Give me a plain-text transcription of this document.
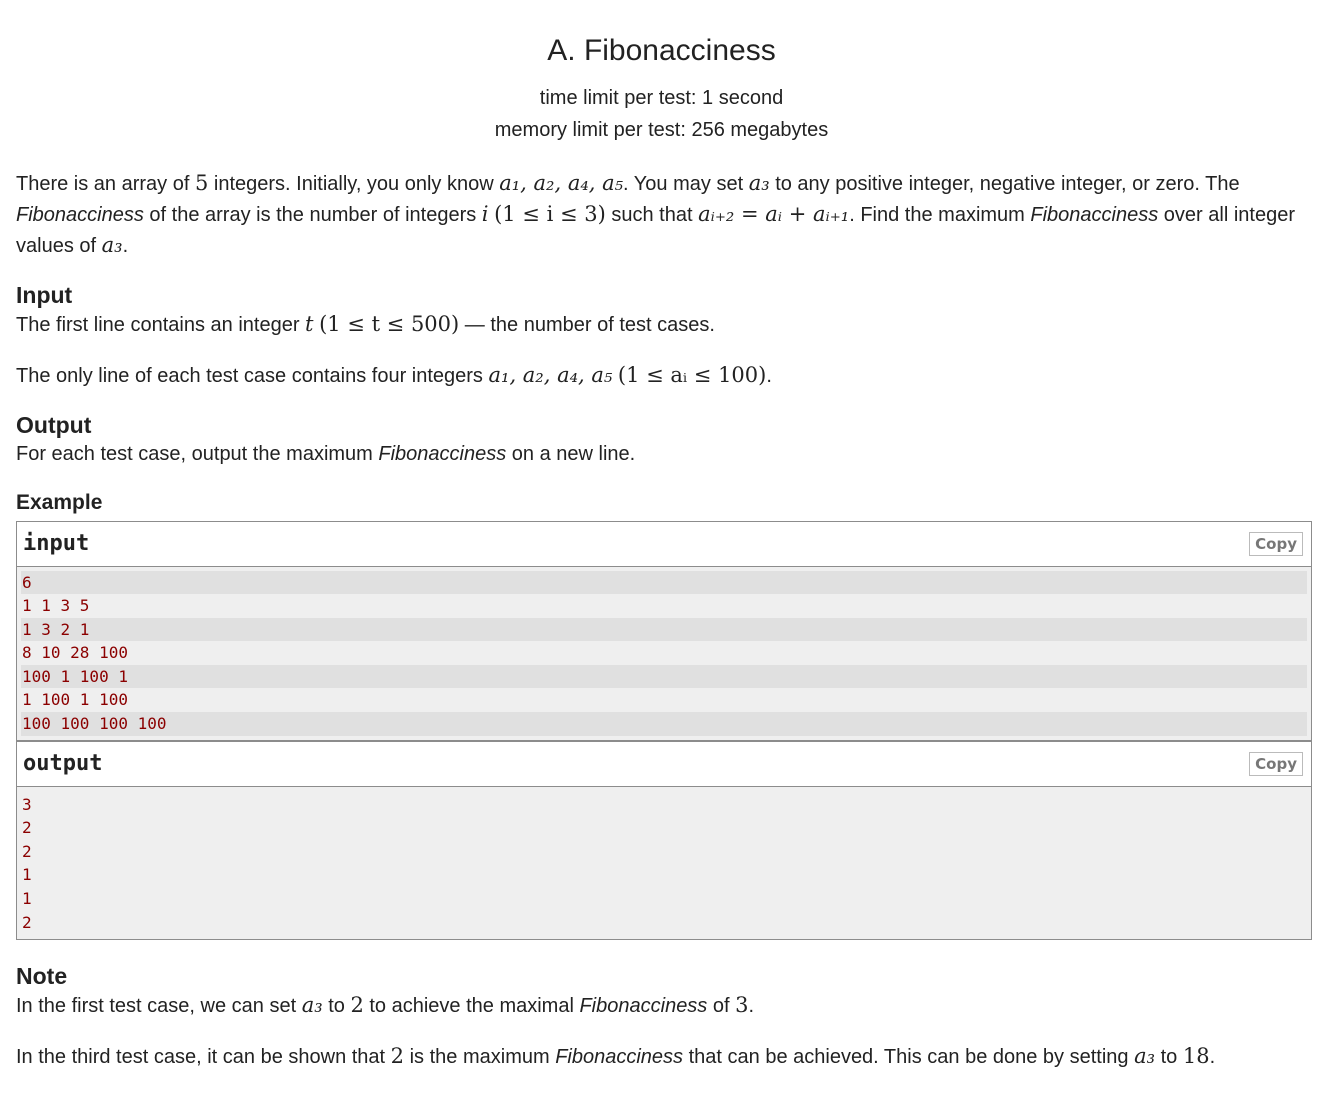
A. Fibonacciness
time limit per test: 1 second
memory limit per test: 256 megabytes

There is an array of 5 integers. Initially, you only know a₁, a₂, a₄, a₅. You may set a₃ to any positive integer, negative integer, or zero. The Fibonacciness of the array is the number of integers i (1 ≤ i ≤ 3) such that aᵢ₊₂ = aᵢ + aᵢ₊₁. Find the maximum Fibonacciness over all integer values of a₃.

Input

The first line contains an integer t (1 ≤ t ≤ 500) — the number of test cases.

The only line of each test case contains four integers a₁, a₂, a₄, a₅ (1 ≤ aᵢ ≤ 100).

Output

For each test case, output the maximum Fibonacciness on a new line.

Example
input	Copy
6
1 1 3 5
1 3 2 1
8 10 28 100
100 1 100 1
1 100 1 100
100 100 100 100
output	Copy
3
2
2
1
1
2
Note

In the first test case, we can set a₃ to 2 to achieve the maximal Fibonacciness of 3.

In the third test case, it can be shown that 2 is the maximum Fibonacciness that can be achieved. This can be done by setting a₃ to 18.
